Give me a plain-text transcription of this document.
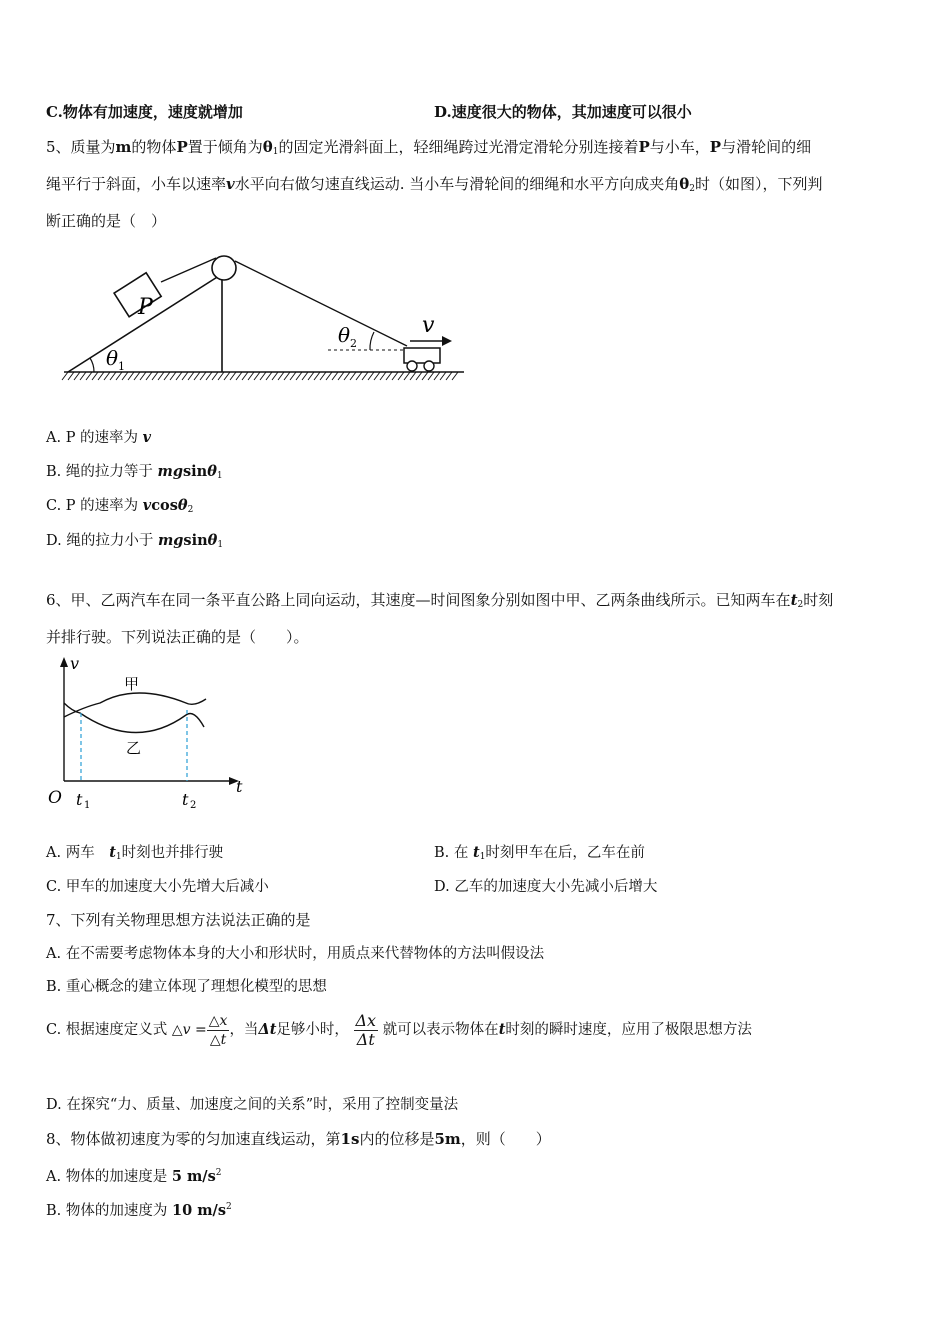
C.物体有加速度，速度就增加	D.速度很大的物体，其加速度可以很小
5、质量为m的物体P置于倾角为$\theta_1$的固定光滑斜面上，轻细绳跨过光滑定滑轮分别连接着P与小车，P与滑轮间的细
绳平行于斜面，小车以速率v水平向右做匀速直线运动. 当小车与滑轮间的细绳和水平方向成夹角$\theta_2$时（如图），下列判
断正确的是（　）
P
θ 1
θ 2
v
A. P 的速率为 v
B. 绳的拉力等于 mgsinθ$_1$
C. P 的速率为 vcosθ$_2$
D. 绳的拉力小于 mgsinθ$_1$
6、甲、乙两汽车在同一条平直公路上同向运动，其速度—时间图象分别如图中甲、乙两条曲线所示。已知两车在$t_2$时刻
并排行驶。下列说法正确的是（　　）。
v
t
O
甲
乙
t 1	t 2
A. 两车　$t_1$时刻也并排行驶	B. 在 $t_1$时刻甲车在后，乙车在前
C. 甲车的加速度大小先增大后减小	D. 乙车的加速度大小先减小后增大
7、下列有关物理思想方法说法正确的是
A. 在不需要考虑物体本身的大小和形状时，用质点来代替物体的方法叫假设法
B. 重心概念的建立体现了理想化模型的思想
C. 根据速度定义式 △v = $\frac{\triangle x}{\triangle t}$ ，当Δt足够小时， $\frac{\Delta x}{\Delta t}$ 就可以表示物体在t时刻的瞬时速度，应用了极限思想方法
D. 在探究“力、质量、加速度之间的关系”时，采用了控制变量法
8、物体做初速度为零的匀加速直线运动，第1s内的位移是5m，则（　　）
A. 物体的加速度是 5 $m/s^2$
B. 物体的加速度为 10 $m/s^2$
